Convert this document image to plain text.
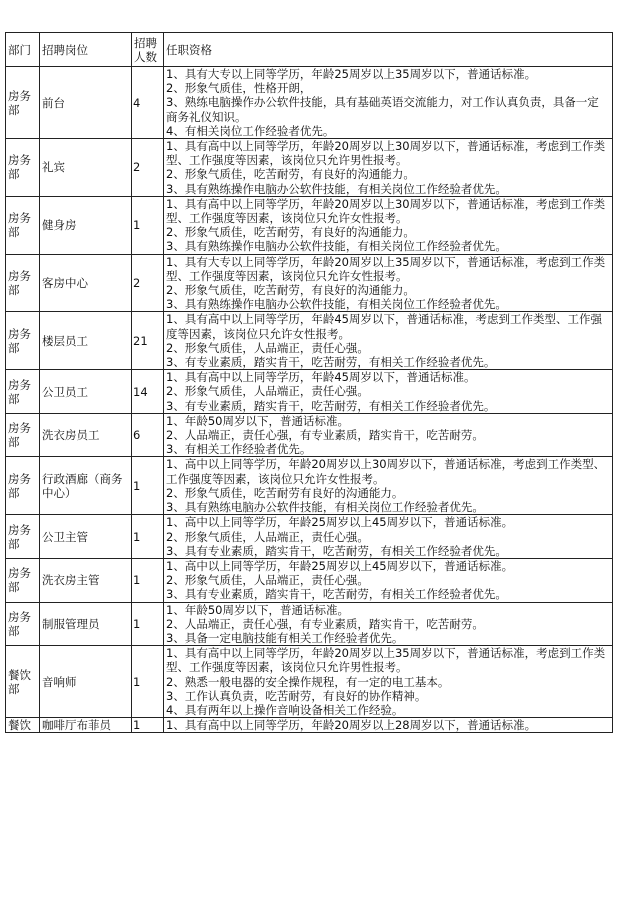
部门	招聘岗位	招聘人数	任职资格
房务部	前台	4	1、具有大专以上同等学历，年龄25周岁以上35周岁以下，普通话标准。
2、形象气质佳，性格开朗，
3、熟练电脑操作办公软件技能，具有基础英语交流能力，对工作认真负责，具备一定商务礼仪知识。
4、有相关岗位工作经验者优先。

房务部	礼宾	2	1、具有高中以上同等学历，年龄20周岁以上30周岁以下，普通话标准，考虑到工作类型、工作强度等因素，该岗位只允许男性报考。
2、形象气质佳，吃苦耐劳，有良好的沟通能力。
3、具有熟练操作电脑办公软件技能，有相关岗位工作经验者优先。

房务部	健身房	1	1、具有高中以上同等学历，年龄20周岁以上30周岁以下，普通话标准，考虑到工作类型、工作强度等因素，该岗位只允许女性报考。
2、形象气质佳，吃苦耐劳，有良好的沟通能力。
3、具有熟练操作电脑办公软件技能，有相关岗位工作经验者优先。

房务部	客房中心	2	1、具有大专以上同等学历，年龄20周岁以上35周岁以下，普通话标准，考虑到工作类型、工作强度等因素，该岗位只允许女性报考。
2、形象气质佳，吃苦耐劳，有良好的沟通能力。
3、具有熟练操作电脑办公软件技能，有相关岗位工作经验者优先。

房务部	楼层员工	21	1、具有高中以上同等学历，年龄45周岁以下，普通话标准，考虑到工作类型、工作强度等因素，该岗位只允许女性报考。
2、形象气质佳，人品端正，责任心强。
3、有专业素质，踏实肯干，吃苦耐劳，有相关工作经验者优先。

房务部	公卫员工	14	1、具有高中以上同等学历，年龄45周岁以下，普通话标准。
2、形象气质佳，人品端正，责任心强。
3、有专业素质，踏实肯干，吃苦耐劳，有相关工作经验者优先。

房务部	洗衣房员工	6	1、年龄50周岁以下，普通话标准。
2、人品端正，责任心强，有专业素质，踏实肯干，吃苦耐劳。
3、有相关工作经验者优先。

房务部	行政酒廊（商务中心）	1	1、高中以上同等学历，年龄20周岁以上30周岁以下，普通话标准，考虑到工作类型、工作强度等因素，该岗位只允许女性报考。
2、形象气质佳，吃苦耐劳有良好的沟通能力。
3、具有熟练电脑办公软件技能，有相关岗位工作经验者优先。

房务部	公卫主管	1	1、高中以上同等学历，年龄25周岁以上45周岁以下，普通话标准。
2、形象气质佳，人品端正，责任心强。
3、具有专业素质，踏实肯干，吃苦耐劳，有相关工作经验者优先。

房务部	洗衣房主管	1	1、高中以上同等学历，年龄25周岁以上45周岁以下，普通话标准。
2、形象气质佳，人品端正，责任心强。
3、具有专业素质，踏实肯干，吃苦耐劳，有相关工作经验者优先。

房务部	制服管理员	1	1、年龄50周岁以下，普通话标准。
2、人品端正，责任心强，有专业素质，踏实肯干，吃苦耐劳。
3、具备一定电脑技能有相关工作经验者优先。

餐饮部	音响师	1	1、具有高中以上同等学历，年龄20周岁以上35周岁以下，普通话标准，考虑到工作类型、工作强度等因素，该岗位只允许男性报考。
2、熟悉一般电器的安全操作规程，有一定的电工基本。
3、工作认真负责，吃苦耐劳，有良好的协作精神。
4、具有两年以上操作音响设备相关工作经验。

餐饮	咖啡厅布菲员	1	1、具有高中以上同等学历，年龄20周岁以上28周岁以下，普通话标准。
